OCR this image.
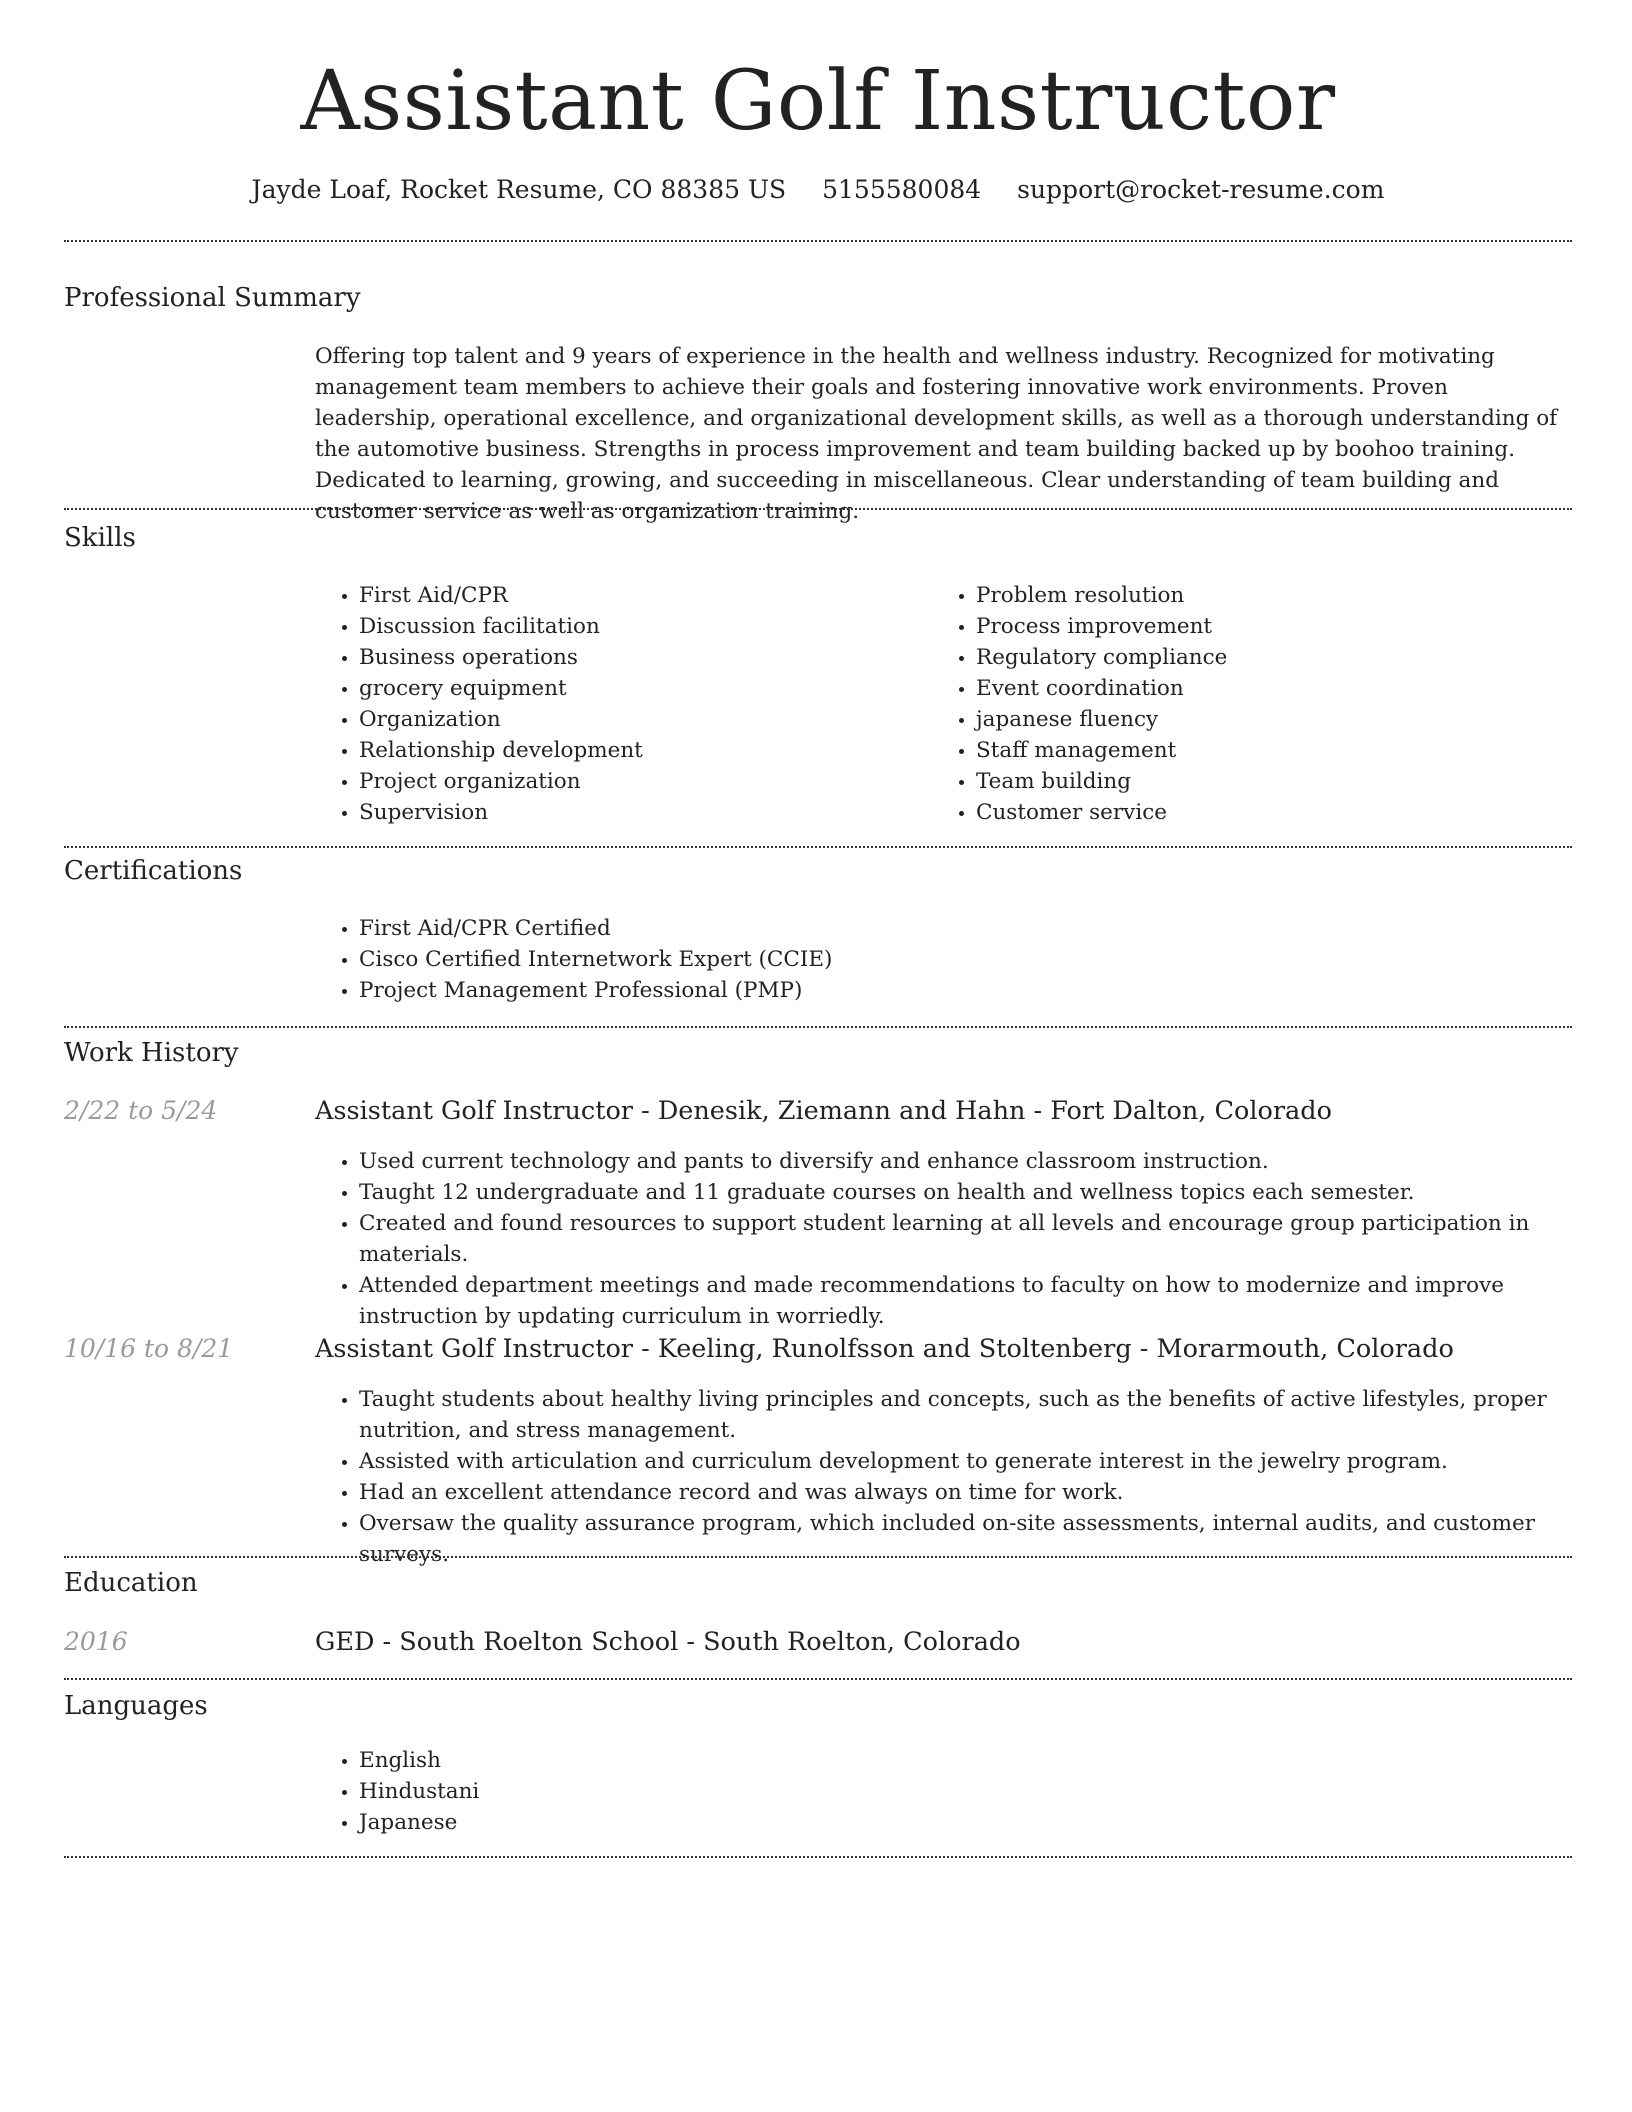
Assistant Golf Instructor
Jayde Loaf, Rocket Resume, CO 88385 US 5155580084 support@rocket-resume.com
Professional Summary

Offering top talent and 9 years of experience in the health and wellness industry. Recognized for motivating management team members to achieve their goals and fostering innovative work environments. Proven leadership, operational excellence, and organizational development skills, as well as a thorough understanding of the automotive business. Strengths in process improvement and team building backed up by boohoo training. Dedicated to learning, growing, and succeeding in miscellaneous. Clear understanding of team building and customer service as well as organization training.

Skills
• First Aid/CPR
• Discussion facilitation
• Business operations
• grocery equipment
• Organization
• Relationship development
• Project organization
• Supervision
• Problem resolution
• Process improvement
• Regulatory compliance
• Event coordination
• japanese fluency
• Staff management
• Team building
• Customer service
Certifications
• First Aid/CPR Certified
• Cisco Certified Internetwork Expert (CCIE)
• Project Management Professional (PMP)
Work History
2/22 to 5/24	Assistant Golf Instructor - Denesik, Ziemann and Hahn - Fort Dalton, Colorado
• Used current technology and pants to diversify and enhance classroom instruction.
• Taught 12 undergraduate and 11 graduate courses on health and wellness topics each semester.
• Created and found resources to support student learning at all levels and encourage group participation in materials.
• Attended department meetings and made recommendations to faculty on how to modernize and improve instruction by updating curriculum in worriedly.
10/16 to 8/21	Assistant Golf Instructor - Keeling, Runolfsson and Stoltenberg - Morarmouth, Colorado
• Taught students about healthy living principles and concepts, such as the benefits of active lifestyles, proper nutrition, and stress management.
• Assisted with articulation and curriculum development to generate interest in the jewelry program.
• Had an excellent attendance record and was always on time for work.
• Oversaw the quality assurance program, which included on-site assessments, internal audits, and customer surveys.
Education
2016	GED - South Roelton School - South Roelton, Colorado
Languages
• English
• Hindustani
• Japanese
